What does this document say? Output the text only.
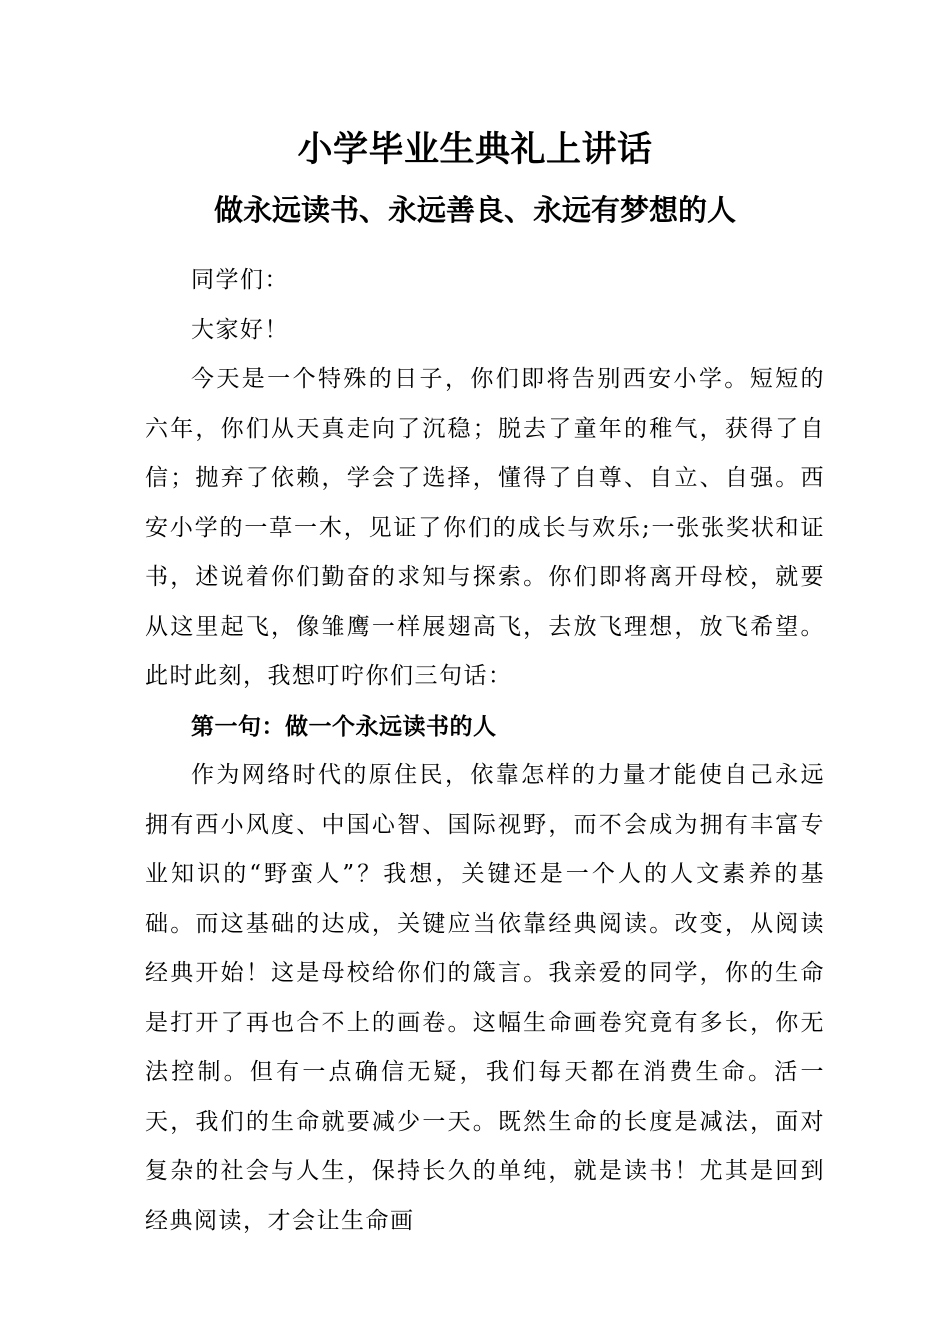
小学毕业生典礼上讲话
做永远读书、永远善良、永远有梦想的人

同学们：

大家好！

今天是一个特殊的日子，你们即将告别西安小学。短短的六年，你们从天真走向了沉稳；脱去了童年的稚气，获得了自信；抛弃了依赖，学会了选择，懂得了自尊、自立、自强。西安小学的一草一木，见证了你们的成长与欢乐;一张张奖状和证书，述说着你们勤奋的求知与探索。你们即将离开母校，就要从这里起飞，像雏鹰一样展翅高飞，去放飞理想，放飞希望。此时此刻，我想叮咛你们三句话：

第一句：做一个永远读书的人

作为网络时代的原住民，依靠怎样的力量才能使自己永远拥有西小风度、中国心智、国际视野，而不会成为拥有丰富专业知识的“野蛮人”？我想，关键还是一个人的人文素养的基础。而这基础的达成，关键应当依靠经典阅读。改变，从阅读经典开始！这是母校给你们的箴言。我亲爱的同学，你的生命是打开了再也合不上的画卷。这幅生命画卷究竟有多长，你无法控制。但有一点确信无疑，我们每天都在消费生命。活一天，我们的生命就要减少一天。既然生命的长度是减法，面对复杂的社会与人生，保持长久的单纯，就是读书！尤其是回到经典阅读，才会让生命画
